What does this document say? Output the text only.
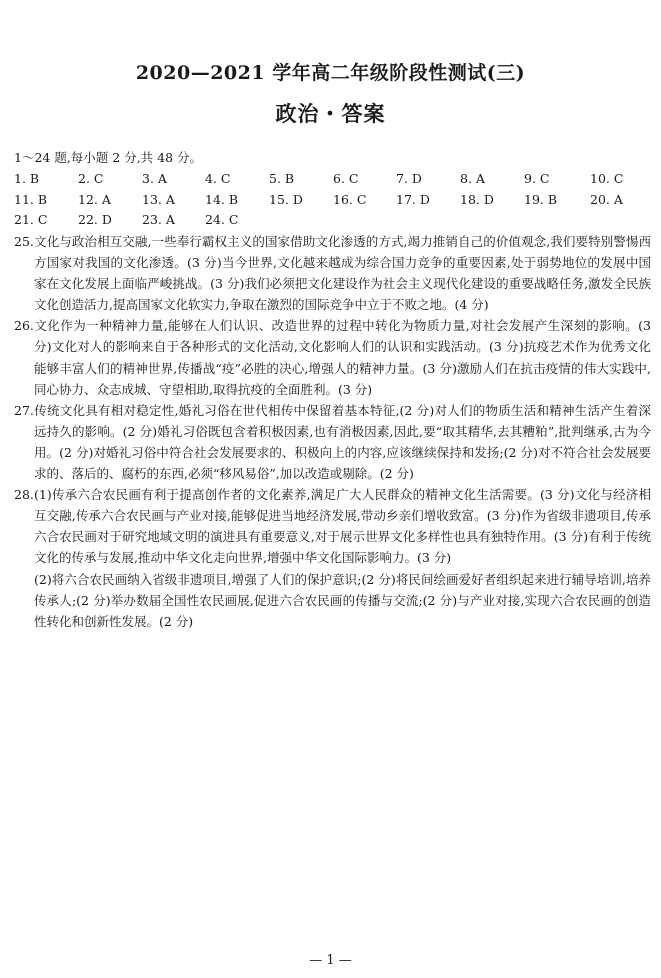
2020—2021 学年高二年级阶段性测试(三)
政治・答案
1～24 题,每小题 2 分,共 48 分。
1. B	2. C	3. A	4. C	5. B	6. C	7. D	8. A	9. C	10. C
11. B 12. A 13. A 14. B 15. D 16. C 17. D 18. D 19. B	20. A
21. C 22. D 23. A 24. C

25.文化与政治相互交融,一些奉行霸权主义的国家借助文化渗透的方式,竭力推销自己的价值观念,我们要特别警惕西方国家对我国的文化渗透。(3 分)当今世界,文化越来越成为综合国力竞争的重要因素,处于弱势地位的发展中国家在文化发展上面临严峻挑战。(3 分)我们必须把文化建设作为社会主义现代化建设的重要战略任务,激发全民族文化创造活力,提高国家文化软实力,争取在激烈的国际竞争中立于不败之地。(4 分)

26.文化作为一种精神力量,能够在人们认识、改造世界的过程中转化为物质力量,对社会发展产生深刻的影响。(3 分)文化对人的影响来自于各种形式的文化活动,文化影响人们的认识和实践活动。(3 分)抗疫艺术作为优秀文化能够丰富人们的精神世界,传播战“疫”必胜的决心,增强人的精神力量。(3 分)激励人们在抗击疫情的伟大实践中,同心协力、众志成城、守望相助,取得抗疫的全面胜利。(3 分)

27.传统文化具有相对稳定性,婚礼习俗在世代相传中保留着基本特征,(2 分)对人们的物质生活和精神生活产生着深远持久的影响。(2 分)婚礼习俗既包含着积极因素,也有消极因素,因此,要“取其精华,去其糟粕”,批判继承,古为今用。(2 分)对婚礼习俗中符合社会发展要求的、积极向上的内容,应该继续保持和发扬;(2 分)对不符合社会发展要求的、落后的、腐朽的东西,必须“移风易俗”,加以改造或剔除。(2 分)

28.(1)传承六合农民画有利于提高创作者的文化素养,满足广大人民群众的精神文化生活需要。(3 分)文化与经济相互交融,传承六合农民画与产业对接,能够促进当地经济发展,带动乡亲们增收致富。(3 分)作为省级非遗项目,传承六合农民画对于研究地域文明的演进具有重要意义,对于展示世界文化多样性也具有独特作用。(3 分)有利于传统文化的传承与发展,推动中华文化走向世界,增强中华文化国际影响力。(3 分)

(2)将六合农民画纳入省级非遗项目,增强了人们的保护意识;(2 分)将民间绘画爱好者组织起来进行辅导培训,培养传承人;(2 分)举办数届全国性农民画展,促进六合农民画的传播与交流;(2 分)与产业对接,实现六合农民画的创造性转化和创新性发展。(2 分)

— 1 —
